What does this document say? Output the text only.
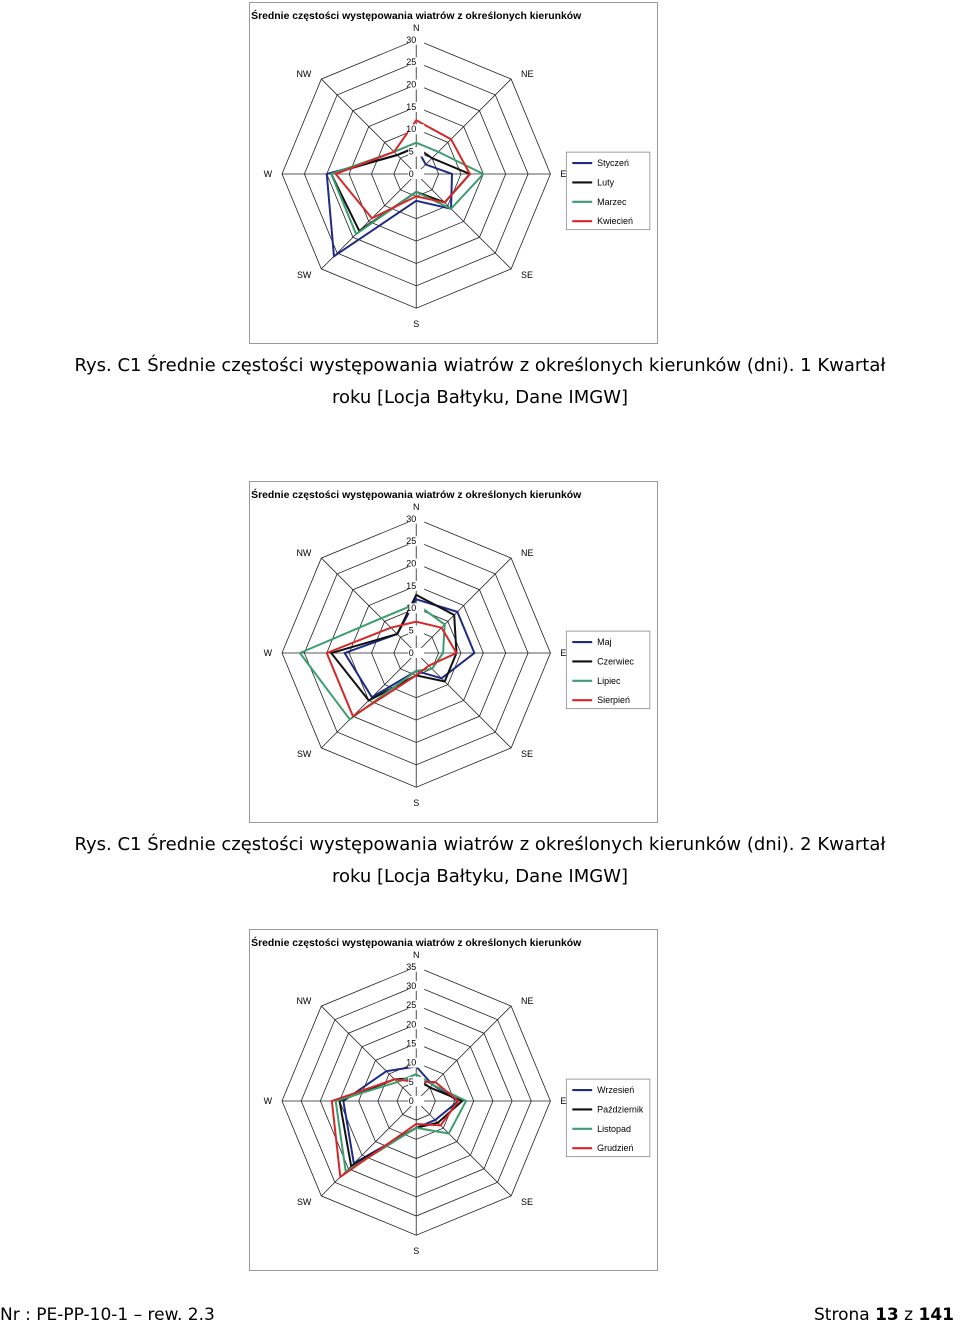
Średnie częstości występowania wiatrów z określonych kierunków
0
5
10
15
20
25
30
N
NE
E
SE
S
SW
W
NW
Styczeń
Luty
Marzec
Kwiecień
Rys. C1 Średnie częstości występowania wiatrów z określonych kierunków (dni). 1 Kwartał
roku [Locja Bałtyku, Dane IMGW]
Średnie częstości występowania wiatrów z określonych kierunków
0
5
10
15
20
25
30
N
NE
E
SE
S
SW
W
NW
Maj
Czerwiec
Lipiec
Sierpień
Rys. C1 Średnie częstości występowania wiatrów z określonych kierunków (dni). 2 Kwartał
roku [Locja Bałtyku, Dane IMGW]
Średnie częstości występowania wiatrów z określonych kierunków
0
5
10
15
20
25
30
35
N
NE
E
SE
S
SW
W
NW
Wrzesień
Październik
Listopad
Grudzień
Nr : PE-PP-10-1 – rew. 2.3	Strona 13 z 141
